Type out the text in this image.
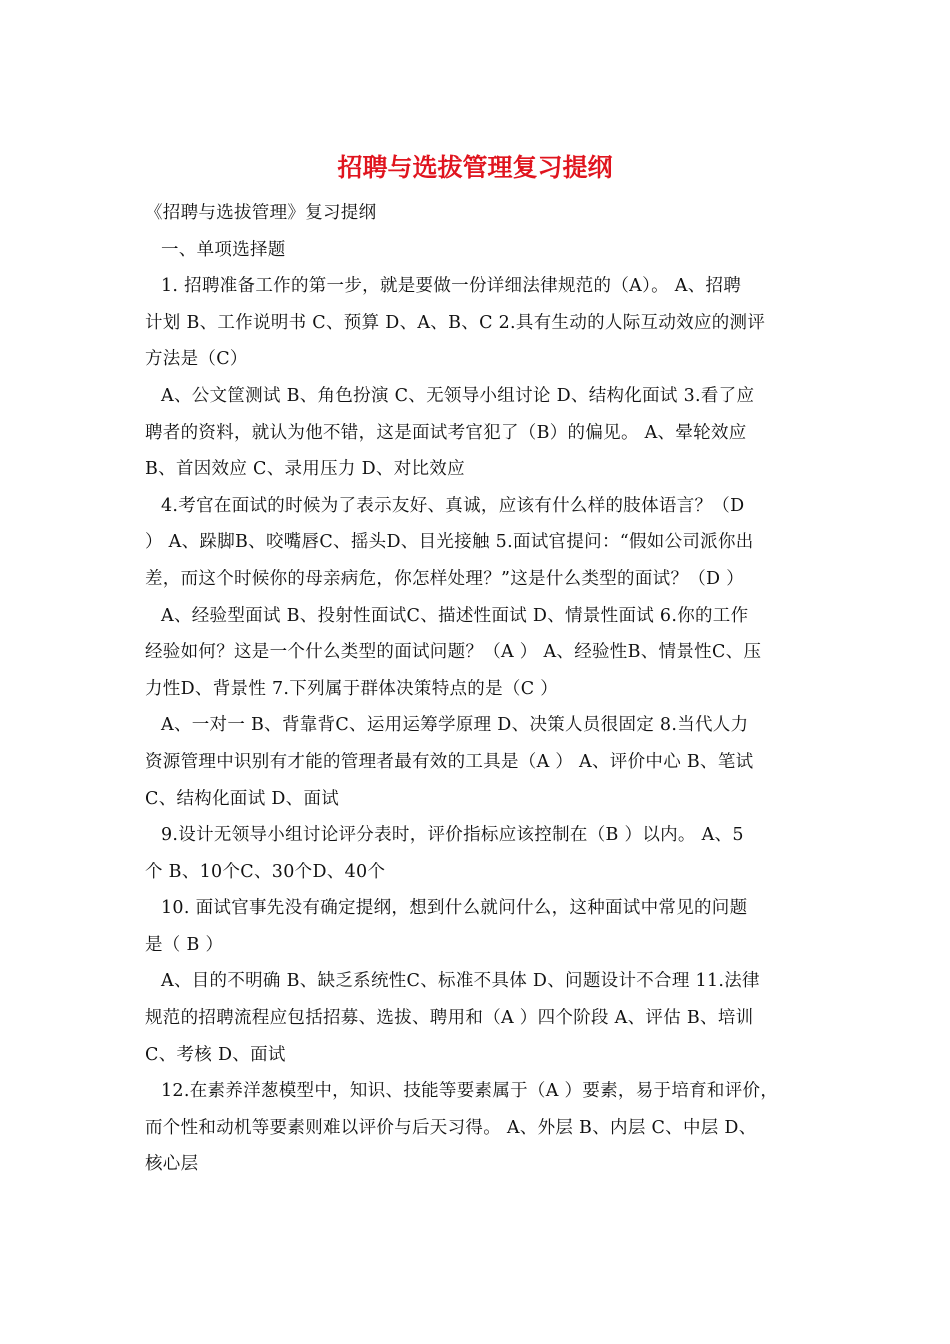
招聘与选拔管理复习提纲
《招聘与选拔管理》复习提纲
一、单项选择题
1. 招聘准备工作的第一步，就是要做一份详细法律规范的（A）。 A、招聘
计划 B、工作说明书 C、预算 D、A、B、C 2.具有生动的人际互动效应的测评
方法是（C）
A、公文筐测试 B、角色扮演 C、无领导小组讨论 D、结构化面试 3.看了应
聘者的资料，就认为他不错，这是面试考官犯了（B）的偏见。 A、晕轮效应
B、首因效应 C、录用压力 D、对比效应
4.考官在面试的时候为了表示友好、真诚，应该有什么样的肢体语言？（D
） A、跺脚B、咬嘴唇C、摇头D、目光接触 5.面试官提问：“假如公司派你出
差，而这个时候你的母亲病危，你怎样处理？”这是什么类型的面试？（D ）
A、经验型面试 B、投射性面试C、描述性面试 D、情景性面试 6.你的工作
经验如何？这是一个什么类型的面试问题？（A ） A、经验性B、情景性C、压
力性D、背景性 7.下列属于群体决策特点的是（C ）
A、一对一 B、背靠背C、运用运筹学原理 D、决策人员很固定 8.当代人力
资源管理中识别有才能的管理者最有效的工具是（A ） A、评价中心 B、笔试
C、结构化面试 D、面试
9.设计无领导小组讨论评分表时，评价指标应该控制在（B ）以内。 A、5
个 B、10个C、30个D、40个
10. 面试官事先没有确定提纲，想到什么就问什么，这种面试中常见的问题
是（ B ）
A、目的不明确 B、缺乏系统性C、标准不具体 D、问题设计不合理 11.法律
规范的招聘流程应包括招募、选拔、聘用和（A ）四个阶段 A、评估 B、培训
C、考核 D、面试
12.在素养洋葱模型中，知识、技能等要素属于（A ）要素，易于培育和评价，
而个性和动机等要素则难以评价与后天习得。 A、外层 B、内层 C、中层 D、
核心层
